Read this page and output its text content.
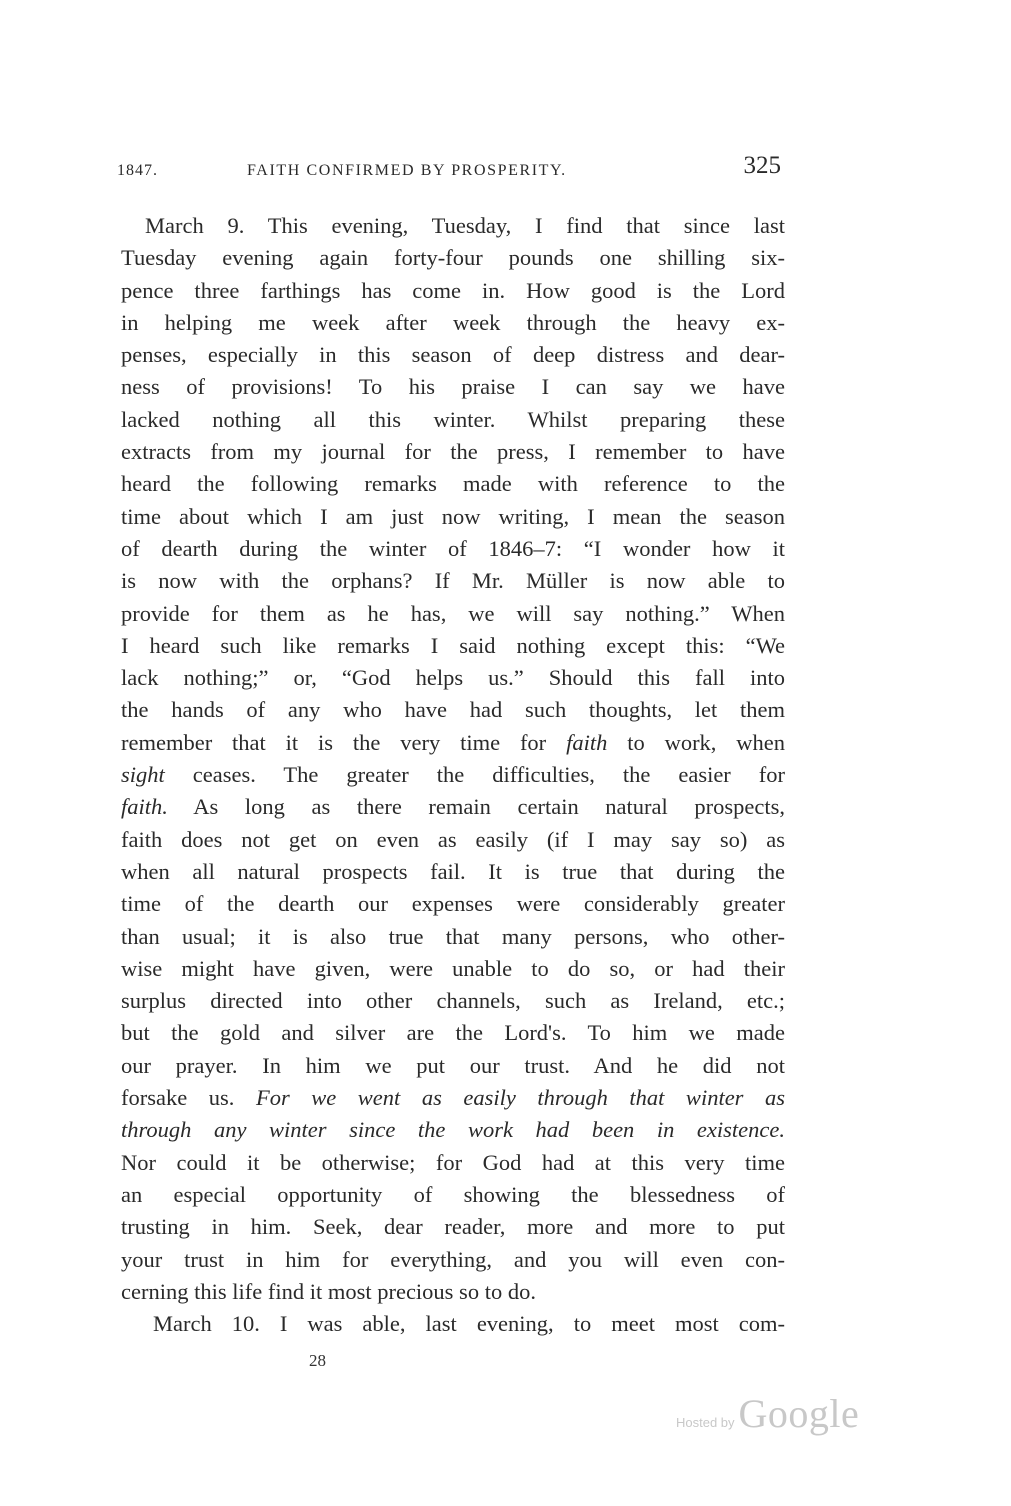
1847.	FAITH CONFIRMED BY PROSPERITY.	325
March 9. This evening, Tuesday, I find that since last
Tuesday evening again forty-four pounds one shilling six-
pence three farthings has come in. How good is the Lord
in helping me week after week through the heavy ex-
penses, especially in this season of deep distress and dear-
ness of provisions! To his praise I can say we have
lacked nothing all this winter. Whilst preparing these
extracts from my journal for the press, I remember to have
heard the following remarks made with reference to the
time about which I am just now writing, I mean the season
of dearth during the winter of 1846–7: “I wonder how it
is now with the orphans? If Mr. Müller is now able to
provide for them as he has, we will say nothing.” When
I heard such like remarks I said nothing except this: “We
lack nothing;” or, “God helps us.” Should this fall into
the hands of any who have had such thoughts, let them
remember that it is the very time for faith to work, when
sight ceases. The greater the difficulties, the easier for
faith. As long as there remain certain natural prospects,
faith does not get on even as easily (if I may say so) as
when all natural prospects fail. It is true that during the
time of the dearth our expenses were considerably greater
than usual; it is also true that many persons, who other-
wise might have given, were unable to do so, or had their
surplus directed into other channels, such as Ireland, etc.;
but the gold and silver are the Lord's. To him we made
our prayer. In him we put our trust. And he did not
forsake us. For we went as easily through that winter as
through any winter since the work had been in existence.
Nor could it be otherwise; for God had at this very time
an especial opportunity of showing the blessedness of
trusting in him. Seek, dear reader, more and more to put
your trust in him for everything, and you will even con-
cerning this life find it most precious so to do.
March 10. I was able, last evening, to meet most com-
28
Hosted by Google
